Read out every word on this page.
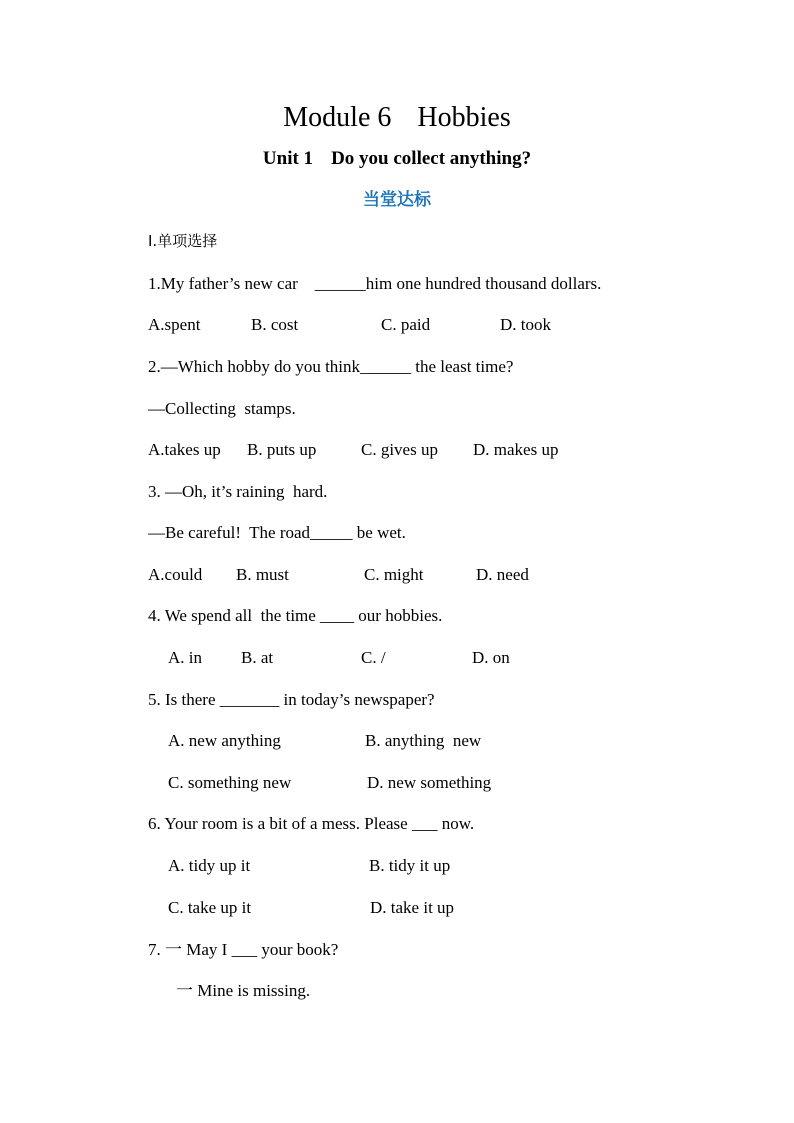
Module 6 Hobbies
Unit 1 Do you collect anything?
当堂达标
Ⅰ.单项选择
1.My father’s new car    ______him one hundred thousand dollars.
A.spent	B. cost	C. paid	D. took
2.—Which hobby do you think______ the least time?
—Collecting  stamps.
A.takes up B. puts up	C. gives up D. makes up
3. —Oh, it’s raining  hard.
—Be careful!  The road_____ be wet.
A.could B. must	C. might	D. need
4. We spend all  the time ____ our hobbies.
A. in B. at	C. /	D. on
5. Is there _______ in today’s newspaper?
A. new anything	B. anything  new
C. something new	D. new something
6. Your room is a bit of a mess. Please ___ now.
A. tidy up it	B. tidy it up
C. take up it	D. take it up
7. 一 May I ___ your book?
一 Mine is missing.
